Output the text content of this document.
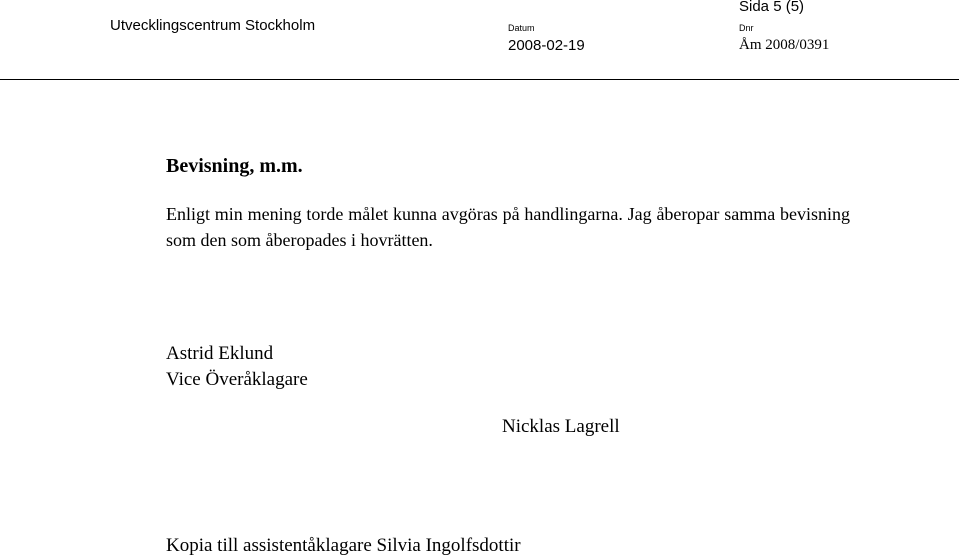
Sida 5 (5)
Utvecklingscentrum Stockholm	Datum
2008-02-19
Dnr
Åm 2008/0391
Bevisning, m.m.

Enligt min mening torde målet kunna avgöras på handlingarna. Jag åberopar samma bevisning som den som åberopades i hovrätten.

Astrid Eklund
Vice Överåklagare
Nicklas Lagrell
Kopia till assistentåklagare Silvia Ingolfsdottir
